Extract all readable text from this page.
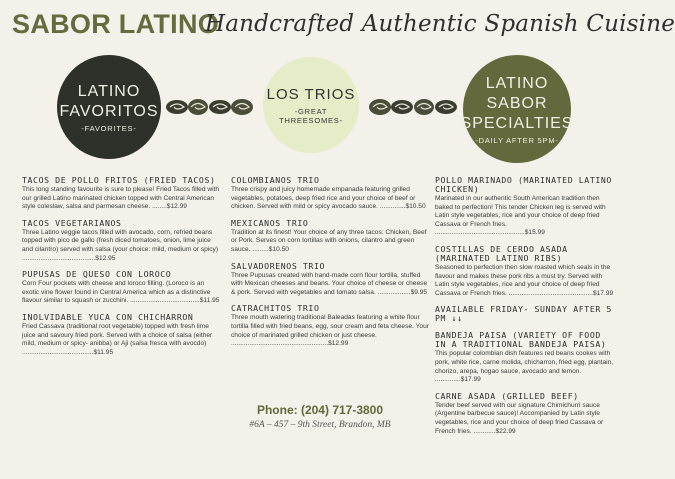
SABOR LATINO
Handcrafted Authentic Spanish Cuisine
LATINO
FAVORITOS
-FAVORITES-
LOS TRIOS
-GREAT THREESOMES-
LATINO
SABOR
SPECIALTIES
-DAILY AFTER 5PM-
TACOS DE POLLO FRITOS (FRIED TACOS)
This long standing favourite is sure to please! Fried Tacos filled with our grilled Latino marinated chicken topped with Central American style coleslaw, salsa and parmesan cheese. ........$12.99
TACOS VEGETARIANOS
Three Latino veggie tacos filled with avocado, corn, refried beans topped with pico de gallo (fresh diced tomatoes, onion, lime juice and cilantro) served with salsa (your choice: mild, medium or spicy) ........................................$12.95
PUPUSAS DE QUESO CON LOROCO
Corn Four pockets with cheese and loroco filling. (Loroco is an exotic vine flower found in Central America which as a distinctive flavour similar to squash or zucchini. ......................................$11.95
INOLVIDABLE YUCA CON CHICHARRON
Fried Cassava (traditional root vegetable) topped with fresh lime juice and savoury fried pork. Served with a choice of salsa (either mild, medium or spicy- anibba) or Aji (salsa fresca with avocdo) .......................................$11.95
COLOMBIANOS TRIO
Three crispy and juicy homemade empanada featuring grilled vegetables, potatoes, deep fried rice and your choice of beef or chicken. Served with mild or spicy avocado sauce. ..............$10.50
MEXICANOS TRIO
Tradition at its finest! Your choice of any three tacos: Chicken, Beef or Pork. Serves on corn tortillas with onions, cilantro and green sauce. .........$10.50
SALVADORENOS TRIO
Three Pupusas created with hand-made corn flour tortilla, stuffed with Mexican cheeses and beans. Your choice of cheese or cheese & pork. Served with vegetables and tomato salsa. ..................$9.95
CATRACHITOS TRIO
Three mouth watering traditional Baleadas featuring a white flour tortilla filled with fried beans, egg, sour cream and feta cheese. Your choice of marinated grilled chicken or just cheese. .....................................................$12.99
POLLO MARINADO (MARINATED LATINO CHICKEN)
Marinated in our authentic South American tradition then baked to perfection! This tender Chicken leg is served with Latin style vegetables, rice and your choice of deep fried Cassava or French fries. .................................................$15.99
COSTILLAS DE CERDO ASADA (MARINATED LATINO RIBS)
Seasoned to perfection then slow roasted which seals in the flavour and makes these pork ribs a must try. Served with Latin style vegetables, rice and your choice of deep fried Cassava or French fries. ..............................................$17.99
AVAILABLE FRIDAY- SUNDAY AFTER 5 PM ↓↓
BANDEJA PAISA (VARIETY OF FOOD IN A TRADITIONAL BANDEJA PAISA)
This popular colombian dish features red beans cookes with pork, white rice, carne molida, chicharron, fried egg, plantain, chorizo, arepa, hogao sauce, avocado and lemon. ..............$17.99
CARNE ASADA (GRILLED BEEF)
Tender beef served with our signature Chimichurri sauce (Argentine barbecue sauce)! Accompanied by Latin style vegetables, rice and your choice of deep fried Cassava or French fries. ............$22.99
Phone: (204) 717-3800
#6A – 457 – 9th Street, Brandon, MB
